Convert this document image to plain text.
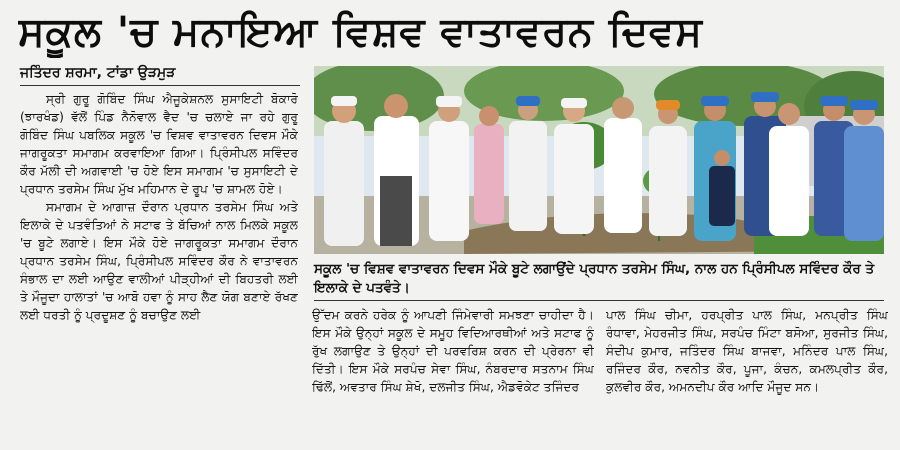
ਸਕੂਲ 'ਚ ਮਨਾਇਆ ਵਿਸ਼ਵ ਵਾਤਾਵਰਨ ਦਿਵਸ
ਜਤਿੰਦਰ ਸ਼ਰਮਾ, ਟਾਂਡਾ ਉੜਮੁੜ

ਸ੍ਰੀ ਗੁਰੂ ਗੋਬਿੰਦ ਸਿੰਘ ਐਜੂਕੇਸ਼ਨਲ ਸੁਸਾਇਟੀ ਬੋਕਾਰੋ (ਝਾਰਖੰਡ) ਵੱਲੋਂ ਪਿੰਡ ਨੈਨੋਵਾਲ ਵੈਦ 'ਚ ਚਲਾਏ ਜਾ ਰਹੇ ਗੁਰੂ ਗੋਬਿੰਦ ਸਿੰਘ ਪਬਲਿਕ ਸਕੂਲ 'ਚ ਵਿਸ਼ਵ ਵਾਤਾਵਰਨ ਦਿਵਸ ਮੌਕੇ ਜਾਗਰੂਕਤਾ ਸਮਾਗਮ ਕਰਵਾਇਆ ਗਿਆ। ਪ੍ਰਿੰਸੀਪਲ ਸਵਿੰਦਰ ਕੌਰ ਮੱਲੀ ਦੀ ਅਗਵਾਈ 'ਚ ਹੋਏ ਇਸ ਸਮਾਗਮ 'ਚ ਸੁਸਾਇਟੀ ਦੇ ਪ੍ਰਧਾਨ ਤਰਸੇਮ ਸਿੰਘ ਮੁੱਖ ਮਹਿਮਾਨ ਦੇ ਰੂਪ 'ਚ ਸ਼ਾਮਲ ਹੋਏ।

ਸਮਾਗਮ ਦੇ ਆਗਾਜ਼ ਦੌਰਾਨ ਪ੍ਰਧਾਨ ਤਰਸੇਮ ਸਿੰਘ ਅਤੇ ਇਲਾਕੇ ਦੇ ਪਤਵੰਤਿਆਂ ਨੇ ਸਟਾਫ ਤੇ ਬੱਚਿਆਂ ਨਾਲ ਮਿਲਕੇ ਸਕੂਲ 'ਚ ਬੂਟੇ ਲਗਾਏ। ਇਸ ਮੌਕੇ ਹੋਏ ਜਾਗਰੂਕਤਾ ਸਮਾਗਮ ਦੌਰਾਨ ਪ੍ਰਧਾਨ ਤਰਸੇਮ ਸਿੰਘ, ਪ੍ਰਿੰਸੀਪਲ ਸਵਿੰਦਰ ਕੌਰ ਨੇ ਵਾਤਾਵਰਨ ਸੰਭਾਲ ਦਾ ਲਈ ਆਉਣ ਵਾਲੀਆਂ ਪੀੜ੍ਹੀਆਂ ਦੀ ਬਿਹਤਰੀ ਲਈ ਤੇ ਮੌਜੂਦਾ ਹਾਲਾਤਾਂ 'ਚ ਆਬੋ ਹਵਾ ਨੂੰ ਸਾਹ ਲੈਣ ਯੋਗ ਬਣਾਏ ਰੱਖਣ ਲਈ ਧਰਤੀ ਨੂੰ ਪ੍ਰਦੂਸ਼ਣ ਨੂੰ ਬਚਾਉਣ ਲਈ

ਸਕੂਲ 'ਚ ਵਿਸ਼ਵ ਵਾਤਾਵਰਨ ਦਿਵਸ ਮੌਕੇ ਬੂਟੇ ਲਗਾਉਂਦੇ ਪ੍ਰਧਾਨ ਤਰਸੇਮ ਸਿੰਘ, ਨਾਲ ਹਨ ਪ੍ਰਿੰਸੀਪਲ ਸਵਿੰਦਰ ਕੌਰ ਤੇ ਇਲਾਕੇ ਦੇ ਪਤਵੰਤੇ।

ਉੱਦਮ ਕਰਨੇ ਹਰੇਕ ਨੂੰ ਆਪਣੀ ਜਿੰਮੇਵਾਰੀ ਸਮਝਣਾ ਚਾਹੀਦਾ ਹੈ। ਇਸ ਮੌਕੇ ਉਨ੍ਹਾਂ ਸਕੂਲ ਦੇ ਸਮੂਹ ਵਿਦਿਆਰਥੀਆਂ ਅਤੇ ਸਟਾਫ ਨੂੰ ਰੁੱਖ ਲਗਾਉਣ ਤੇ ਉਨ੍ਹਾਂ ਦੀ ਪਰਵਰਿਸ਼ ਕਰਨ ਦੀ ਪ੍ਰੇਰਨਾ ਵੀ ਦਿੱਤੀ। ਇਸ ਮੌਕੇ ਸਰਪੰਚ ਸੇਵਾ ਸਿੰਘ, ਨੰਬਰਦਾਰ ਸਤਨਾਮ ਸਿੰਘ ਢਿੱਲੋਂ, ਅਵਤਾਰ ਸਿੰਘ ਸ਼ੇਖੋ, ਦਲਜੀਤ ਸਿੰਘ, ਐਡਵੋਕੇਟ ਤਜਿੰਦਰ

ਪਾਲ ਸਿੰਘ ਚੀਮਾ, ਹਰਪ੍ਰੀਤ ਪਾਲ ਸਿੰਘ, ਮਨਪ੍ਰੀਤ ਸਿੰਘ ਰੰਧਾਵਾ, ਮੇਹਰਜੀਤ ਸਿੰਘ, ਸਰਪੰਚ ਮਿੰਟਾ ਬਸੋਆ, ਸੁਰਜੀਤ ਸਿੰਘ, ਸੰਦੀਪ ਕੁਮਾਰ, ਜਤਿੰਦਰ ਸਿੰਘ ਬਾਜਵਾ, ਮਨਿੰਦਰ ਪਾਲ ਸਿੰਘ, ਰਜਿੰਦਰ ਕੌਰ, ਨਵਨੀਤ ਕੌਰ, ਪੂਜਾ, ਕੰਚਨ, ਕਮਲਪ੍ਰੀਤ ਕੌਰ, ਕੁਲਵੀਰ ਕੌਰ, ਅਮਨਦੀਪ ਕੌਰ ਆਦਿ ਮੌਜੂਦ ਸਨ।
